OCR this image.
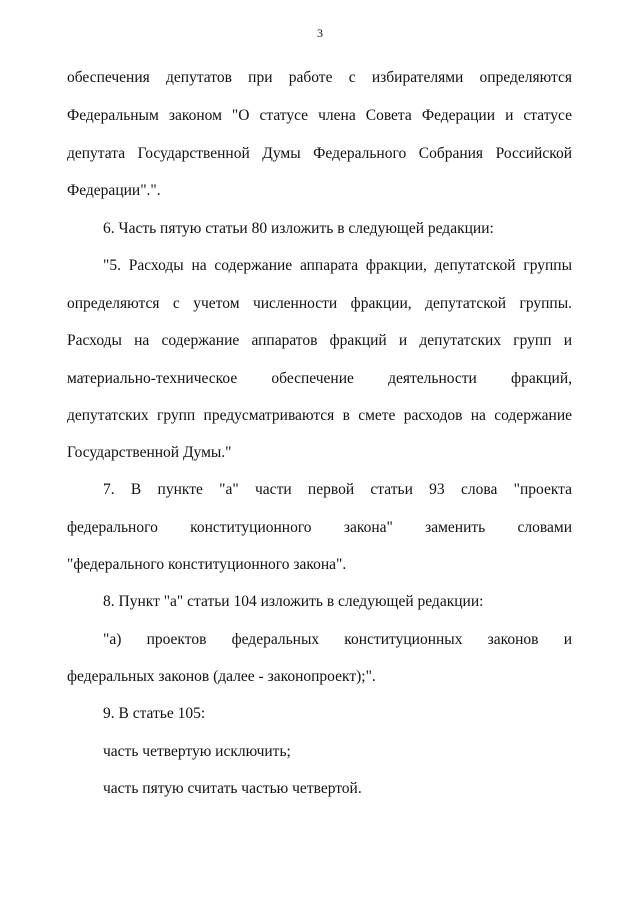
3
обеспечения депутатов при работе с избирателями определяются
Федеральным законом "О статусе члена Совета Федерации и статусе
депутата Государственной Думы Федерального Собрания Российской
Федерации".".
6. Часть пятую статьи 80 изложить в следующей редакции:
"5. Расходы на содержание аппарата фракции, депутатской группы
определяются с учетом численности фракции, депутатской группы.
Расходы на содержание аппаратов фракций и депутатских групп и
материально-техническое обеспечение деятельности фракций,
депутатских групп предусматриваются в смете расходов на содержание
Государственной Думы."
7. В пункте "а" части первой статьи 93 слова "проекта
федерального конституционного закона" заменить словами
"федерального конституционного закона".
8. Пункт "а" статьи 104 изложить в следующей редакции:
"а) проектов федеральных конституционных законов и
федеральных законов (далее - законопроект);".
9. В статье 105:
часть четвертую исключить;
часть пятую считать частью четвертой.
